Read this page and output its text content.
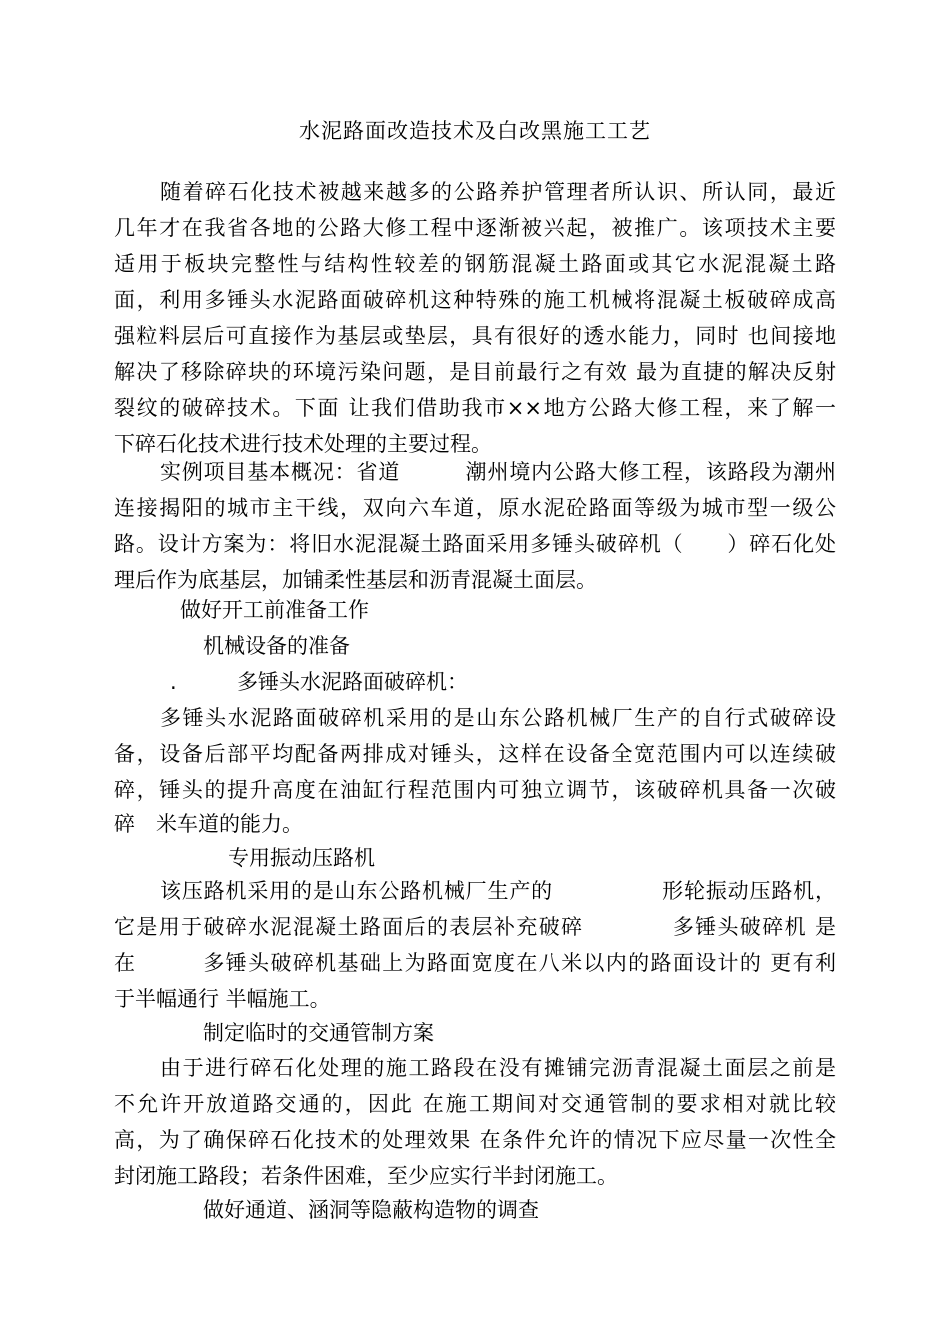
水泥路面改造技术及白改黑施工工艺

随着碎石化技术被越来越多的公路养护管理者所认识、所认同，最近

几年才在我省各地的公路大修工程中逐渐被兴起，被推广。该项技术主要

适用于板块完整性与结构性较差的钢筋混凝土路面或其它水泥混凝土路

面，利用多锤头水泥路面破碎机这种特殊的施工机械将混凝土板破碎成高

强粒料层后可直接作为基层或垫层，具有很好的透水能力，同时 也间接地

解决了移除碎块的环境污染问题，是目前最行之有效 最为直捷的解决反射

裂纹的破碎技术。下面 让我们借助我市××地方公路大修工程，来了解一

下碎石化技术进行技术处理的主要过程。

实例项目基本概况：省道　　　潮州境内公路大修工程，该路段为潮州

连接揭阳的城市主干线，双向六车道，原水泥砼路面等级为城市型一级公

路。设计方案为：将旧水泥混凝土路面采用多锤头破碎机（　　）碎石化处

理后作为底基层，加铺柔性基层和沥青混凝土面层。

做好开工前准备工作

机械设备的准备

.	多锤头水泥路面破碎机：

多锤头水泥路面破碎机采用的是山东公路机械厂生产的自行式破碎设

备，设备后部平均配备两排成对锤头，这样在设备全宽范围内可以连续破

碎，锤头的提升高度在油缸行程范围内可独立调节，该破碎机具备一次破

碎　米车道的能力。

专用振动压路机

该压路机采用的是山东公路机械厂生产的　　　　　形轮振动压路机，

它是用于破碎水泥混凝土路面后的表层补充破碎　　　　多锤头破碎机 是

在　　　多锤头破碎机基础上为路面宽度在八米以内的路面设计的 更有利

于半幅通行 半幅施工。

制定临时的交通管制方案

由于进行碎石化处理的施工路段在没有摊铺完沥青混凝土面层之前是

不允许开放道路交通的，因此 在施工期间对交通管制的要求相对就比较

高，为了确保碎石化技术的处理效果 在条件允许的情况下应尽量一次性全

封闭施工路段；若条件困难，至少应实行半封闭施工。

做好通道、涵洞等隐蔽构造物的调查
